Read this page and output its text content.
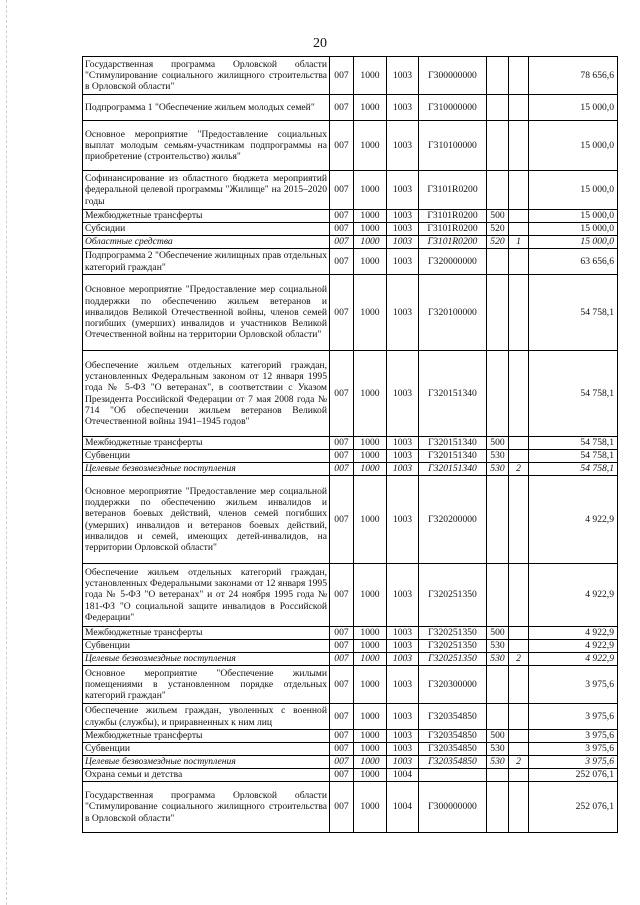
20
Государственная программа Орловской области "Стимулирование социального жилищного строительства в Орловской области"	007	1000	1003	Г300000000			78 656,6
Подпрограмма 1 "Обеспечение жильем молодых семей"	007	1000	1003	Г310000000			15 000,0
Основное мероприятие "Предоставление социальных выплат молодым семьям-участникам подпрограммы на приобретение (строительство) жилья"	007	1000	1003	Г310100000			15 000,0
Софинансирование из областного бюджета мероприятий федеральной целевой программы "Жилище" на 2015–2020 годы	007	1000	1003	Г3101R0200			15 000,0
Межбюджетные трансферты	007	1000	1003	Г3101R0200	500		15 000,0
Субсидии	007	1000	1003	Г3101R0200	520		15 000,0
Областные средства	007	1000	1003	Г3101R0200	520	1	15 000,0
Подпрограмма 2 "Обеспечение жилищных прав отдельных категорий граждан"	007	1000	1003	Г320000000			63 656,6
Основное мероприятие "Предоставление мер социальной поддержки по обеспечению жильем ветеранов и инвалидов Великой Отечественной войны, членов семей погибших (умерших) инвалидов и участников Великой Отечественной войны на территории Орловской области"	007	1000	1003	Г320100000			54 758,1
Обеспечение жильем отдельных категорий граждан, установленных Федеральным законом от 12 января 1995 года № 5-ФЗ "О ветеранах", в соответствии с Указом Президента Российской Федерации от 7 мая 2008 года № 714 "Об обеспечении жильем ветеранов Великой Отечественной войны 1941–1945 годов"	007	1000	1003	Г320151340			54 758,1
Межбюджетные трансферты	007	1000	1003	Г320151340	500		54 758,1
Субвенции	007	1000	1003	Г320151340	530		54 758,1
Целевые безвозмездные поступления	007	1000	1003	Г320151340	530	2	54 758,1
Основное мероприятие "Предоставление мер социальной поддержки по обеспечению жильем инвалидов и ветеранов боевых действий, членов семей погибших (умерших) инвалидов и ветеранов боевых действий, инвалидов и семей, имеющих детей-инвалидов, на территории Орловской области"	007	1000	1003	Г320200000			4 922,9
Обеспечение жильем отдельных категорий граждан, установленных Федеральными законами от 12 января 1995 года № 5-ФЗ "О ветеранах" и от 24 ноября 1995 года № 181-ФЗ "О социальной защите инвалидов в Российской Федерации"	007	1000	1003	Г320251350			4 922,9
Межбюджетные трансферты	007	1000	1003	Г320251350	500		4 922,9
Субвенции	007	1000	1003	Г320251350	530		4 922,9
Целевые безвозмездные поступления	007	1000	1003	Г320251350	530	2	4 922,9
Основное мероприятие "Обеспечение жилыми помещениями в установленном порядке отдельных категорий граждан"	007	1000	1003	Г320300000			3 975,6
Обеспечение жильем граждан, уволенных с военной службы (службы), и приравненных к ним лиц	007	1000	1003	Г320354850			3 975,6
Межбюджетные трансферты	007	1000	1003	Г320354850	500		3 975,6
Субвенции	007	1000	1003	Г320354850	530		3 975,6
Целевые безвозмездные поступления	007	1000	1003	Г320354850	530	2	3 975,6
Охрана семьи и детства	007	1000	1004				252 076,1
Государственная программа Орловской области "Стимулирование социального жилищного строительства в Орловской области"	007	1000	1004	Г300000000			252 076,1
